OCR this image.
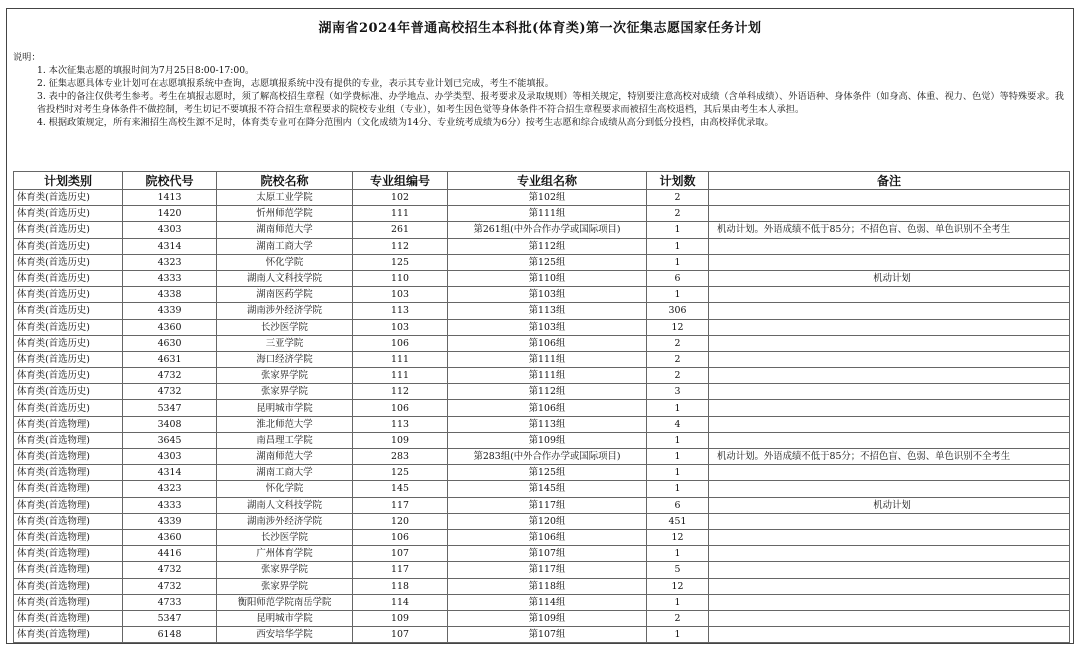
湖南省2024年普通高校招生本科批(体育类)第一次征集志愿国家任务计划
说明：
1. 本次征集志愿的填报时间为7月25日8:00-17:00。
2. 征集志愿具体专业计划可在志愿填报系统中查询，志愿填报系统中没有提供的专业，表示其专业计划已完成，考生不能填报。
3. 表中的备注仅供考生参考。考生在填报志愿时，须了解高校招生章程（如学费标准、办学地点、办学类型、报考要求及录取规则）等相关规定，特别要注意高校对成绩（含单科成绩）、外语语种、身体条件（如身高、体重、视力、色觉）等特殊要求。我省投档时对考生身体条件不做控制，考生切记不要填报不符合招生章程要求的院校专业组（专业），如考生因色觉等身体条件不符合招生章程要求而被招生高校退档，其后果由考生本人承担。
4. 根据政策规定，所有来湘招生高校生源不足时，体育类专业可在降分范围内（文化成绩为14分、专业统考成绩为6分）按考生志愿和综合成绩从高分到低分投档，由高校择优录取。
计划类别	院校代号	院校名称	专业组编号	专业组名称	计划数	备注
体育类(首选历史)	1413	太原工业学院	102	第102组	2	
体育类(首选历史)	1420	忻州师范学院	111	第111组	2	
体育类(首选历史)	4303	湖南师范大学	261	第261组(中外合作办学或国际项目)	1	机动计划。外语成绩不低于85分；不招色盲、色弱、单色识别不全考生
体育类(首选历史)	4314	湖南工商大学	112	第112组	1	
体育类(首选历史)	4323	怀化学院	125	第125组	1	
体育类(首选历史)	4333	湖南人文科技学院	110	第110组	6	机动计划
体育类(首选历史)	4338	湖南医药学院	103	第103组	1	
体育类(首选历史)	4339	湖南涉外经济学院	113	第113组	306	
体育类(首选历史)	4360	长沙医学院	103	第103组	12	
体育类(首选历史)	4630	三亚学院	106	第106组	2	
体育类(首选历史)	4631	海口经济学院	111	第111组	2	
体育类(首选历史)	4732	张家界学院	111	第111组	2	
体育类(首选历史)	4732	张家界学院	112	第112组	3	
体育类(首选历史)	5347	昆明城市学院	106	第106组	1	
体育类(首选物理)	3408	淮北师范大学	113	第113组	4	
体育类(首选物理)	3645	南昌理工学院	109	第109组	1	
体育类(首选物理)	4303	湖南师范大学	283	第283组(中外合作办学或国际项目)	1	机动计划。外语成绩不低于85分；不招色盲、色弱、单色识别不全考生
体育类(首选物理)	4314	湖南工商大学	125	第125组	1	
体育类(首选物理)	4323	怀化学院	145	第145组	1	
体育类(首选物理)	4333	湖南人文科技学院	117	第117组	6	机动计划
体育类(首选物理)	4339	湖南涉外经济学院	120	第120组	451	
体育类(首选物理)	4360	长沙医学院	106	第106组	12	
体育类(首选物理)	4416	广州体育学院	107	第107组	1	
体育类(首选物理)	4732	张家界学院	117	第117组	5	
体育类(首选物理)	4732	张家界学院	118	第118组	12	
体育类(首选物理)	4733	衡阳师范学院南岳学院	114	第114组	1	
体育类(首选物理)	5347	昆明城市学院	109	第109组	2	
体育类(首选物理)	6148	西安培华学院	107	第107组	1	
